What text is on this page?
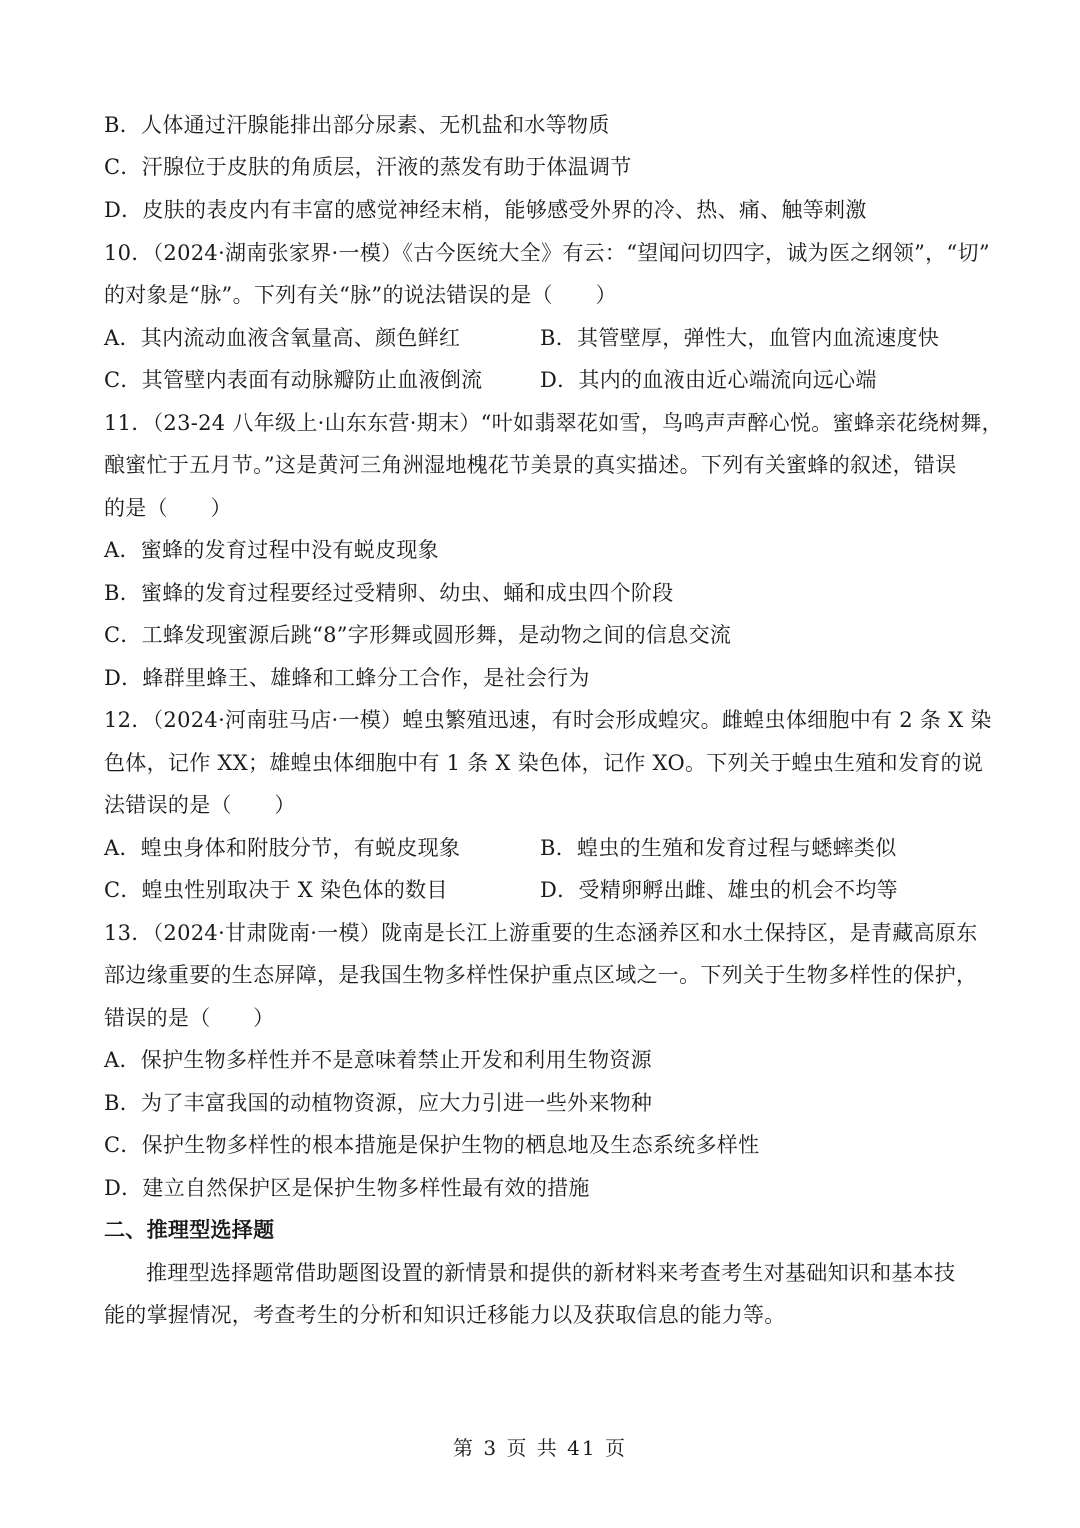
B．人体通过汗腺能排出部分尿素、无机盐和水等物质
C．汗腺位于皮肤的角质层，汗液的蒸发有助于体温调节
D．皮肤的表皮内有丰富的感觉神经末梢，能够感受外界的冷、热、痛、触等刺激
10．（2024·湖南张家界·一模）《古今医统大全》有云：“望闻问切四字，诚为医之纲领”，“切”
的对象是“脉”。下列有关“脉”的说法错误的是（　　）
A．其内流动血液含氧量高、颜色鲜红	B．其管壁厚，弹性大，血管内血流速度快
C．其管壁内表面有动脉瓣防止血液倒流	D．其内的血液由近心端流向远心端
11．（23-24 八年级上·山东东营·期末）“叶如翡翠花如雪，鸟鸣声声醉心悦。蜜蜂亲花绕树舞，
酿蜜忙于五月节。”这是黄河三角洲湿地槐花节美景的真实描述。下列有关蜜蜂的叙述，错误
的是（　　）
A．蜜蜂的发育过程中没有蜕皮现象
B．蜜蜂的发育过程要经过受精卵、幼虫、蛹和成虫四个阶段
C．工蜂发现蜜源后跳“8”字形舞或圆形舞，是动物之间的信息交流
D．蜂群里蜂王、雄蜂和工蜂分工合作，是社会行为
12．（2024·河南驻马店·一模）蝗虫繁殖迅速，有时会形成蝗灾。雌蝗虫体细胞中有 2 条 X 染
色体，记作 XX；雄蝗虫体细胞中有 1 条 X 染色体，记作 XO。下列关于蝗虫生殖和发育的说
法错误的是（　　）
A．蝗虫身体和附肢分节，有蜕皮现象	B．蝗虫的生殖和发育过程与蟋蟀类似
C．蝗虫性别取决于 X 染色体的数目	D．受精卵孵出雌、雄虫的机会不均等
13．（2024·甘肃陇南·一模）陇南是长江上游重要的生态涵养区和水土保持区，是青藏高原东
部边缘重要的生态屏障，是我国生物多样性保护重点区域之一。下列关于生物多样性的保护，
错误的是（　　）
A．保护生物多样性并不是意味着禁止开发和利用生物资源
B．为了丰富我国的动植物资源，应大力引进一些外来物种
C．保护生物多样性的根本措施是保护生物的栖息地及生态系统多样性
D．建立自然保护区是保护生物多样性最有效的措施
二、推理型选择题
推理型选择题常借助题图设置的新情景和提供的新材料来考查考生对基础知识和基本技
能的掌握情况，考查考生的分析和知识迁移能力以及获取信息的能力等。
第 3 页 共 41 页
